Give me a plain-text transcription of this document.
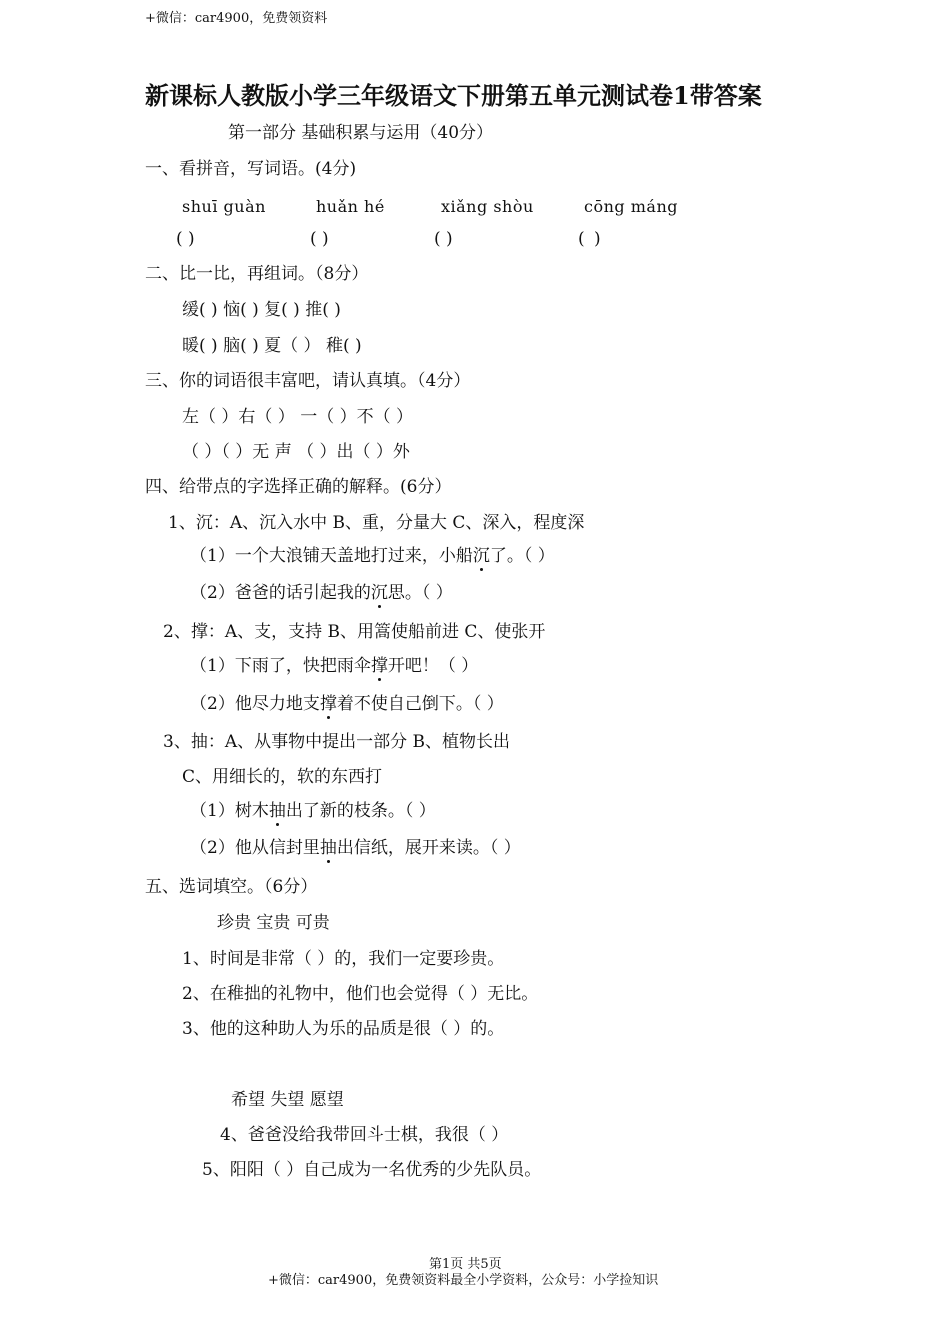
+微信：car4900，免费领资料
新课标人教版小学三年级语文下册第五单元测试卷1带答案
第一部分 基础积累与运用（40分）
一、看拼音，写词语。(4分)
shuī guàn	huǎn hé	xiǎng shòu	cōng máng
( )	( )	( )	( )
二、比一比，再组词。（8分）
缓( ) 恼( ) 复( ) 推( )
暖( ) 脑( ) 夏（ ） 稚( )
三、你的词语很丰富吧，请认真填。（4分）
左（ ）右（ ） 一（ ）不（ ）
（ ）（ ）无 声 （ ）出（ ）外
四、给带点的字选择正确的解释。(6分）
1、沉：A、沉入水中 B、重，分量大 C、深入，程度深
（1）一个大浪铺天盖地打过来，小船沉了。（ ）
（2）爸爸的话引起我的沉思。（ ）
2、撑：A、支，支持 B、用篙使船前进 C、使张开
（1）下雨了，快把雨伞撑开吧！（ ）
（2）他尽力地支撑着不使自己倒下。（ ）
3、抽：A、从事物中提出一部分 B、植物长出
C、用细长的，软的东西打
（1）树木抽出了新的枝条。（ ）
（2）他从信封里抽出信纸，展开来读。（ ）
五、选词填空。（6分）
珍贵 宝贵 可贵
1、时间是非常（ ）的，我们一定要珍贵。
2、在稚拙的礼物中，他们也会觉得（ ）无比。
3、他的这种助人为乐的品质是很（ ）的。
希望 失望 愿望
4、爸爸没给我带回斗士棋，我很（ ）
5、阳阳（ ）自己成为一名优秀的少先队员。
第1页 共5页
+微信：car4900，免费领资料最全小学资料，公众号：小学捡知识
